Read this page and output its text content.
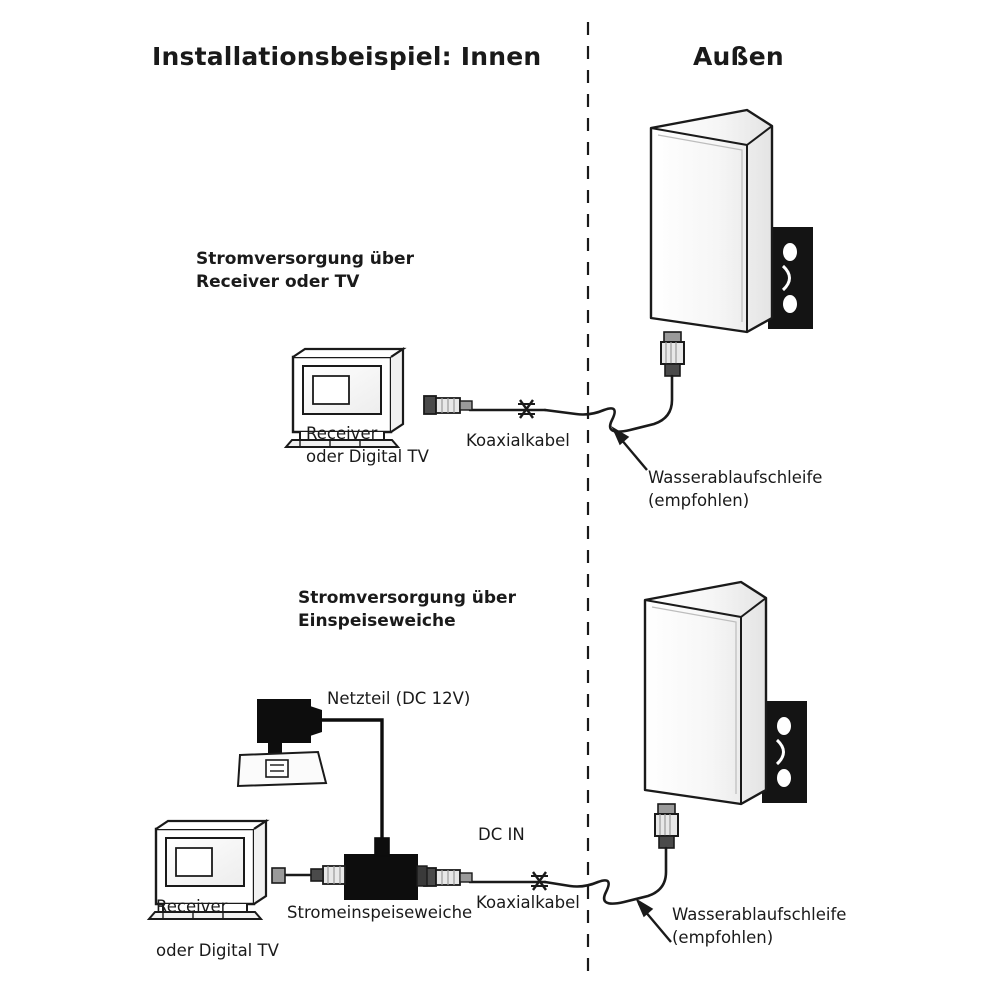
Installationsbeispiel: Innen	Außen
Stromversorgung über
Receiver oder TV
Receiver
oder Digital TV
Koaxialkabel
Wasserablaufschleife
(empfohlen)
Stromversorgung über
Einspeiseweiche
Netzteil (DC 12V)
DC IN
Stromeinspeiseweiche
Koaxialkabel
Receiver
oder Digital TV
Wasserablaufschleife
(empfohlen)
